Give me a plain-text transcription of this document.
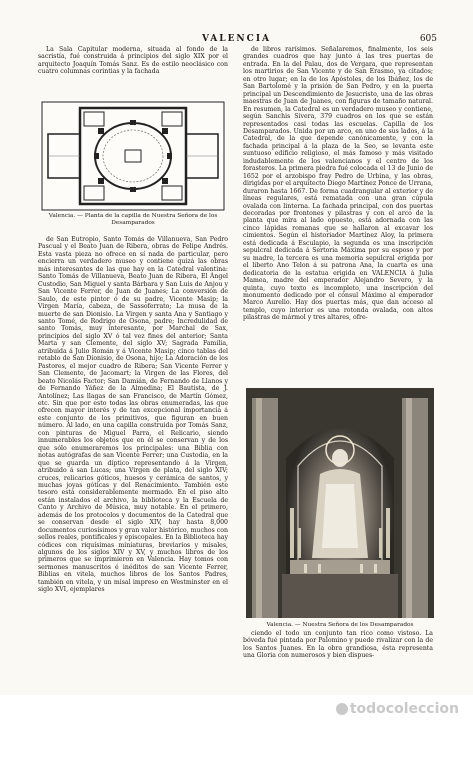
VALENCIA	605

La Sala Capitular moderna, situada al fondo de la sacristía, fué construida á principios del siglo XIX por el arquitecto Joaquín Tomás Sanz. Es de estilo neoclásico con cuatro columnas corintias y la fachada

Valencia. — Planta de la capilla de Nuestra Señora de los Desamparados

de San Eutropio, Santo Tomás de Villanueva, San Pedro Pascual y el Beato Juan de Ribera, obras de Felipe Andrés. Esta vasta pieza no ofrece en sí nada de particular, pero encierra un verdadero museo y contiene quizá las obras más interesantes de las que hay en la Catedral valentina: Santo Tomás de Villanueva, Beato Juan de Ribera, El Ángel Custodio, San Miguel y santa Bárbara y San Luis de Anjou y San Vicente Ferrer, de Juan de Juanes; La conversión de Saulo, de este pintor ó de su padre, Vicente Masip; la Virgen María, cabeza, de Sassoferrato; La musa de la muerte de san Dionisio. La Virgen y santa Ana y Santiago y santo Tomé, de Rodrigo de Osona, padre; Incredulidad de santo Tomás, muy interesante, por Marchal de Sax, principios del siglo XV ó tal vez fines del anterior; Santa Marta y san Clemente, del siglo XV; Sagrada Familia, atribuida á Julio Román y á Vicente Masip; cinco tablas del retablo de San Dionisio, de Osona, hijo; La Adoración de los Pastores, el mejor cuadro de Ribera; San Vicente Ferrer y San Clemente, de Jacomart; la Virgen de las Flores, del beato Nicolás Factor; San Damián, de Fernando de Llanos y de Fernando Yáñez de la Almedina; El Bautista, de J. Antolínez; Las llagas de san Francisco, de Martín Gómez, etc. Sin que por esto todas las obras enumeradas, las que ofrecen mayor interés y de tan excepcional importancia á este conjunto de los primitivos, que figuran en buen número. Al lado, en una capilla construida por Tomás Sanz, con pinturas de Miguel Parra, el Relicario, siendo innumerables los objetos que en él se conservan y de los que sólo enumeraremos los principales: una Biblia con notas autógrafas de san Vicente Ferrer; una Custodia, en la que se guarda un díptico representando á la Virgen, atribuido á san Lucas; una Virgen de plata, del siglo XIV; cruces, relicarios góticos, huesos y cerámica de santos, y muchas joyas góticas y del Renacimiento. También este tesoro está considerablemente mermado. En el piso alto están instalados el archivo, la biblioteca y la Escuela de Canto y Archivo de Música, muy notable. En el primero, además de los protocolos y documentos de la Catedral que se conservan desde el siglo XIV, hay hasta 8,000 documentos curiosísimos y gran valor histórico, muchos con sellos reales, pontificales y episcopales. En la Biblioteca hay códices con riquísimas miniaturas, breviarios y misales, algunos de los siglos XIV y XV, y muchos libros de los primeros que se imprimieron en Valencia. Hay tomos con sermones manuscritos é inéditos de san Vicente Ferrer, Biblias en vitela, muchos libros de los Santos Padres, también en vitela, y un misal impreso en Westminster en el siglo XVI, ejemplares

de libros rarísimos. Señalaremos, finalmente, los seis grandes cuadros que hay junto á las tres puertas de entrada. En la del Palau, dos de Vergara, que representan los martirios de San Vicente y de San Erasmo, ya citados; en otro lugar; en la de los Apóstoles, de los Ibáñez, los de San Bartolomé y la prisión de San Pedro, y en la puerta principal un Descendimiento de Jesucristo, una de las obras maestras de Juan de Juanes, con figuras de tamaño natural. En resumen, la Catedral es un verdadero museo y contiene, según Sanchis Sivera, 379 cuadros en los que se están representados casi todas las escuelas. Capilla de los Desamparados. Unida por un arco, en uno de sus lados, á la Catedral, de la que depende canónicamente, y con la fachada principal á la plaza de la Seo, se levanta este suntuoso edificio religioso, el más famoso y más visitado indudablemente de los valencianos y el centro de los forasteros. La primera piedra fué colocada el 13 de Junio de 1652 por el arzobispo fray Pedro de Urbina, y las obras, dirigidas por el arquitecto Diego Martínez Ponce de Urrana, duraron hasta 1667. De forma cuadrangular al exterior y de líneas regulares, está rematada con una gran cúpula ovalada con linterna. La fachada principal, con dos puertas decoradas por frontones y pilastras y con el arco de la planta que mira al lado opuesto, está adornada con las cinco lápidas romanas que se hallaron al excavar los cimientos. Según el historiador Martínez Aloy, la primera está dedicada á Esculapio, la segunda es una inscripción sepulcral dedicada á Sertoria Máxima por su esposo y por su madre, la tercera es una memoria sepulcral erigida por el liberto Ano Telon á su patrona Ana, la cuarta es una dedicatoria de la estatua erigida en VALENCIA á Julia Mamea, madre del emperador Alejandro Severo, y la quinta, cuyo texto es incompleto, una inscripción del monumento dedicado por el cónsul Máximo al emperador Marco Aurelio. Hay dos puertas más, que dan acceso al templo, cuyo interior es una rotonda ovalada, con altos pilastras de mármol y tres altares, ofre-

Valencia. — Nuestra Señora de los Desamparados

ciendo el todo un conjunto tan rico como vistoso. La bóveda fué pintada por Palomino y puede rivalizar con la de los Santos Juanes. En la obra grandiosa, ésta representa una Gloria con numerosos y bien dispues-

todocoleccion
